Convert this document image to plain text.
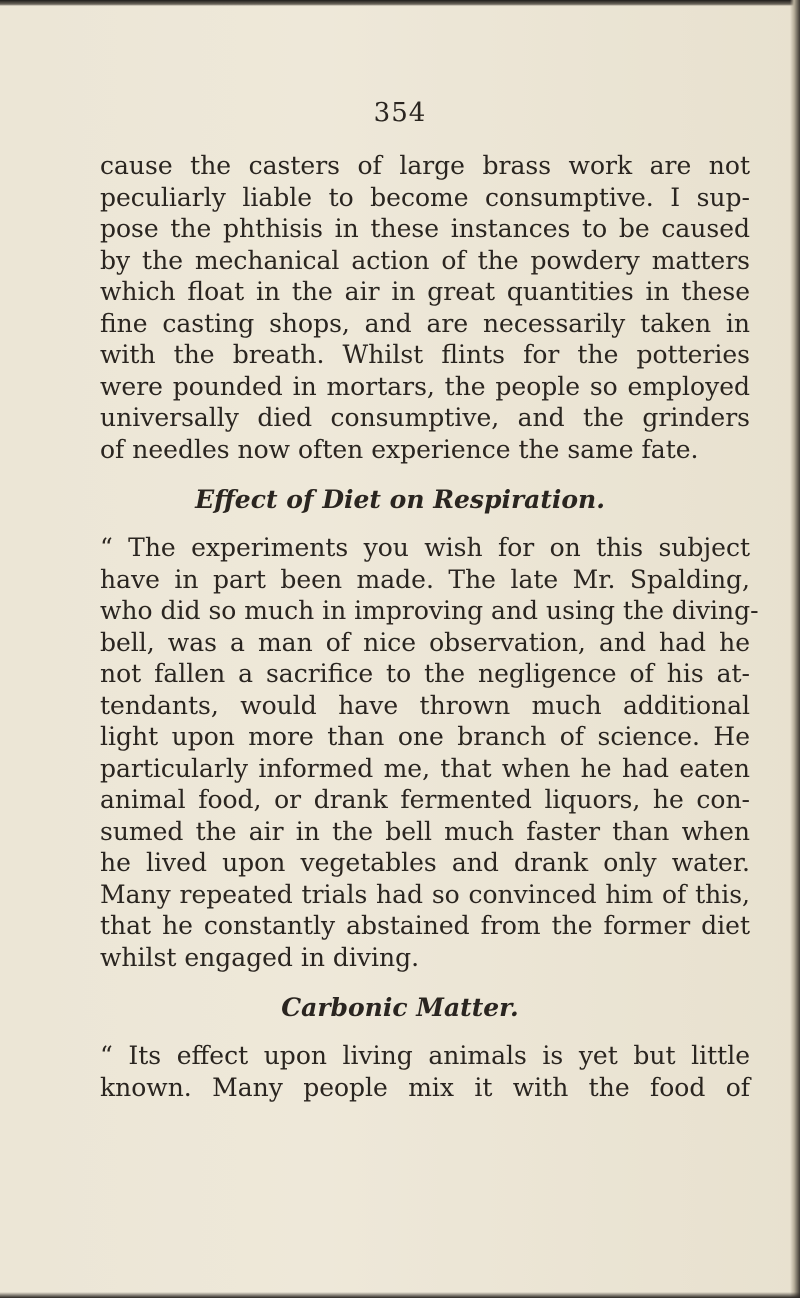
354
cause the casters of large brass work are not
peculiarly liable to become consumptive. I sup-
pose the phthisis in these instances to be caused
by the mechanical action of the powdery matters
which float in the air in great quantities in these
fine casting shops, and are necessarily taken in
with the breath. Whilst flints for the potteries
were pounded in mortars, the people so employed
universally died consumptive, and the grinders
of needles now often experience the same fate.
Effect of Diet on Respiration.
“ The experiments you wish for on this subject
have in part been made. The late Mr. Spalding,
who did so much in improving and using the diving-
bell, was a man of nice observation, and had he
not fallen a sacrifice to the negligence of his at-
tendants, would have thrown much additional
light upon more than one branch of science. He
particularly informed me, that when he had eaten
animal food, or drank fermented liquors, he con-
sumed the air in the bell much faster than when
he lived upon vegetables and drank only water.
Many repeated trials had so convinced him of this,
that he constantly abstained from the former diet
whilst engaged in diving.
Carbonic Matter.
“ Its effect upon living animals is yet but little
known. Many people mix it with the food of
